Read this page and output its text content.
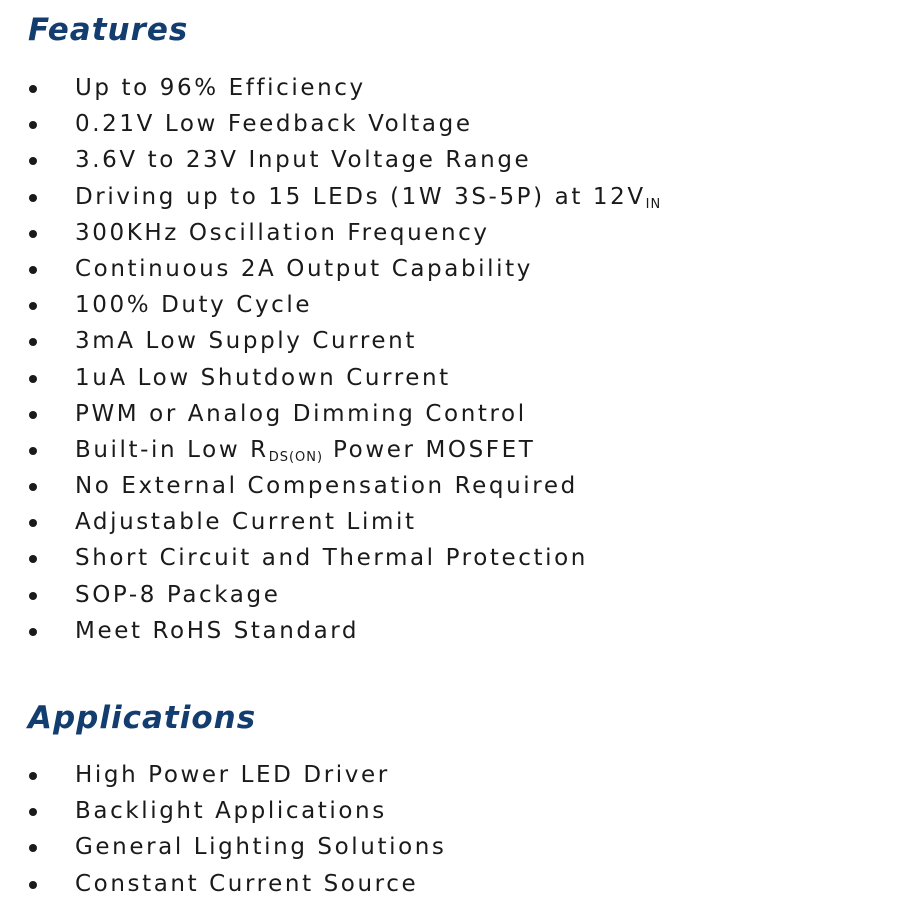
Features
Up to 96% Efficiency
0.21V Low Feedback Voltage
3.6V to 23V Input Voltage Range
Driving up to 15 LEDs (1W 3S-5P) at $12V_{IN}$
300KHz Oscillation Frequency
Continuous 2A Output Capability
100% Duty Cycle
3mA Low Supply Current
1uA Low Shutdown Current
PWM or Analog Dimming Control
Built-in Low $R_{DS(ON)}$ Power MOSFET
No External Compensation Required
Adjustable Current Limit
Short Circuit and Thermal Protection
SOP-8 Package
Meet RoHS Standard
Applications
High Power LED Driver
Backlight Applications
General Lighting Solutions
Constant Current Source
